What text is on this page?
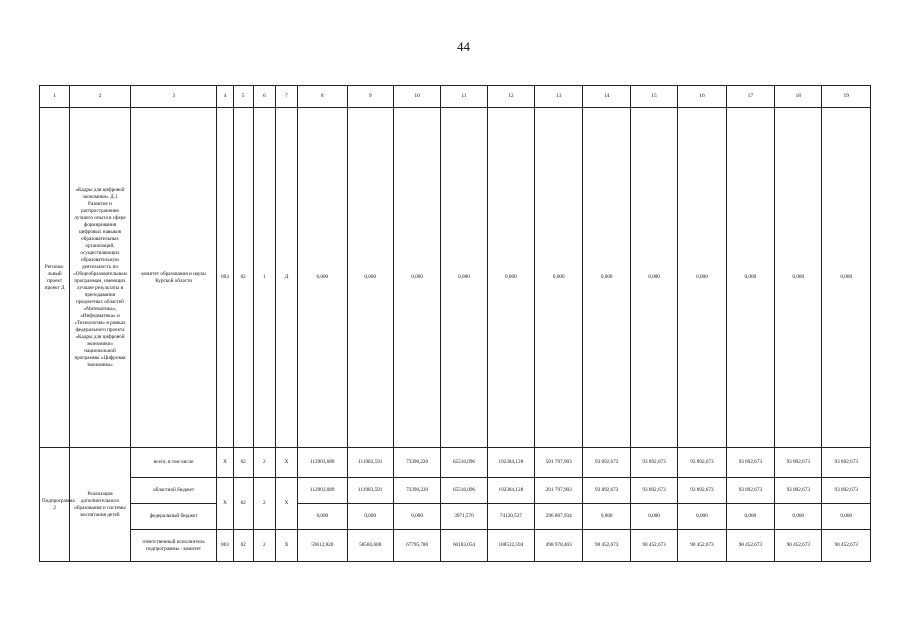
44
1	2	3	4	5	6	7	8	9	10	11	12	13	14	15	16	17	18	19
Региона-льный проект проект Д	«Кадры для цифровой экономики» Д.1 Развитие и распространение лучшего опыта в сфере формирования цифровых навыков образовательных организаций, осуществляющих образовательную деятельность по «Общеобразовательным программам, имеющих лучшие результаты в преподавании предметных областей «Математика», «Информатика» и «Технология» в рамках федерального проекта «Кадры для цифровой экономики» национальной программы «Цифровая экономика»	комитет образования и науки Курской области	803	02	1	Д	0,000	0,000	0,000	0,000	0,000	0,000	0,000	0,000	0,000	0,000	0,000	0,000
Подпрограмма 2	Реализация дополнительного образования и системы воспитания детей	всего, в том числе	Х	02	2	Х	112903,089	111983,591	73390,220	65516,096	192384,128	501 797,903	93 892,673	93 892,673	93 892,673	93 892,673	93 892,673	93 892,673
		областной бюджет	Х	02	2	Х	112903,089	111983,591	73390,220	65516,096	192384,128	201 797,903	93 892,673	93 892,673	93 892,673	93 892,673	93 892,673	93 892,673
		федеральный бюджет					0,000	0,000	0,000	3971,570	74120,537	296 807,934	0,000	0,000	0,000	0,000	0,000	0,000
		ответственный исполнитель подпрограммы - комитет	803	02	2	Х	59612,820	58583,608	67795,780	60183,054	188512,594	498 978,403	90 452,673	90 452,673	90 452,673	90 452,673	90 452,673	90 452,673
